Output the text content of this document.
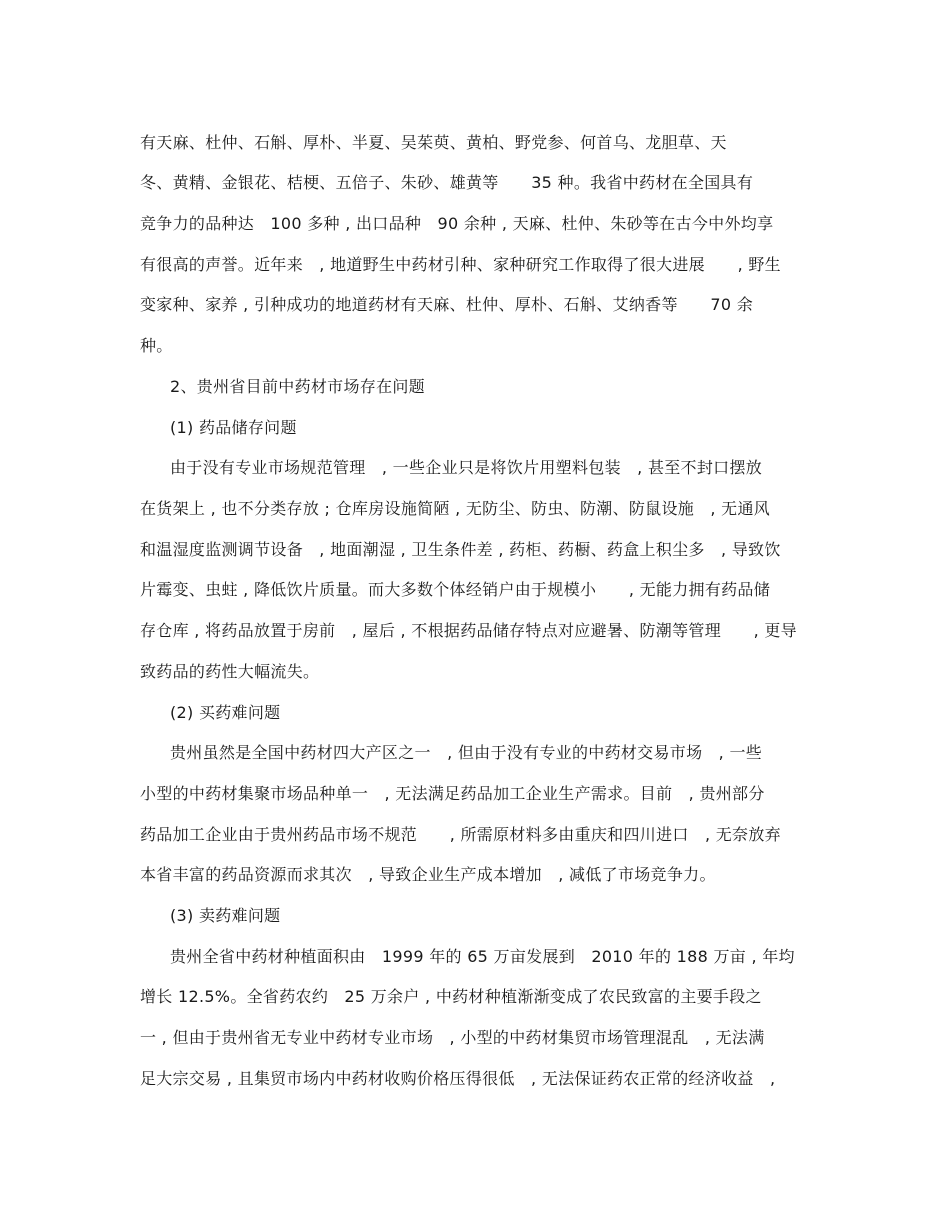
有天麻、杜仲、石斛、厚朴、半夏、吴茱萸、黄柏、野党参、何首乌、龙胆草、天
冬、黄精、金银花、桔梗、五倍子、朱砂、雄黄等　　35 种。我省中药材在全国具有
竞争力的品种达　100 多种 , 出口品种　90 余种 , 天麻、杜仲、朱砂等在古今中外均享
有很高的声誉。近年来　, 地道野生中药材引种、家种研究工作取得了很大进展　　, 野生
变家种、家养 , 引种成功的地道药材有天麻、杜仲、厚朴、石斛、艾纳香等　　70 余
种。
2、贵州省目前中药材市场存在问题
(1) 药品储存问题
由于没有专业市场规范管理　, 一些企业只是将饮片用塑料包装　, 甚至不封口摆放
在货架上 , 也不分类存放 ; 仓库房设施简陋 , 无防尘、防虫、防潮、防鼠设施　, 无通风
和温湿度监测调节设备　, 地面潮湿 , 卫生条件差 , 药柜、药橱、药盒上积尘多　, 导致饮
片霉变、虫蛀 , 降低饮片质量。而大多数个体经销户由于规模小　　, 无能力拥有药品储
存仓库 , 将药品放置于房前　, 屋后 , 不根据药品储存特点对应避暑、防潮等管理　　, 更导
致药品的药性大幅流失。
(2) 买药难问题
贵州虽然是全国中药材四大产区之一　, 但由于没有专业的中药材交易市场　, 一些
小型的中药材集聚市场品种单一　, 无法满足药品加工企业生产需求。目前　, 贵州部分
药品加工企业由于贵州药品市场不规范　　, 所需原材料多由重庆和四川进口　, 无奈放弃
本省丰富的药品资源而求其次　, 导致企业生产成本增加　, 减低了市场竞争力。
(3) 卖药难问题
贵州全省中药材种植面积由　1999 年的 65 万亩发展到　2010 年的 188 万亩 , 年均
增长 12.5%。全省药农约　25 万余户 , 中药材种植渐渐变成了农民致富的主要手段之
一 , 但由于贵州省无专业中药材专业市场　, 小型的中药材集贸市场管理混乱　, 无法满
足大宗交易 , 且集贸市场内中药材收购价格压得很低　, 无法保证药农正常的经济收益　,
